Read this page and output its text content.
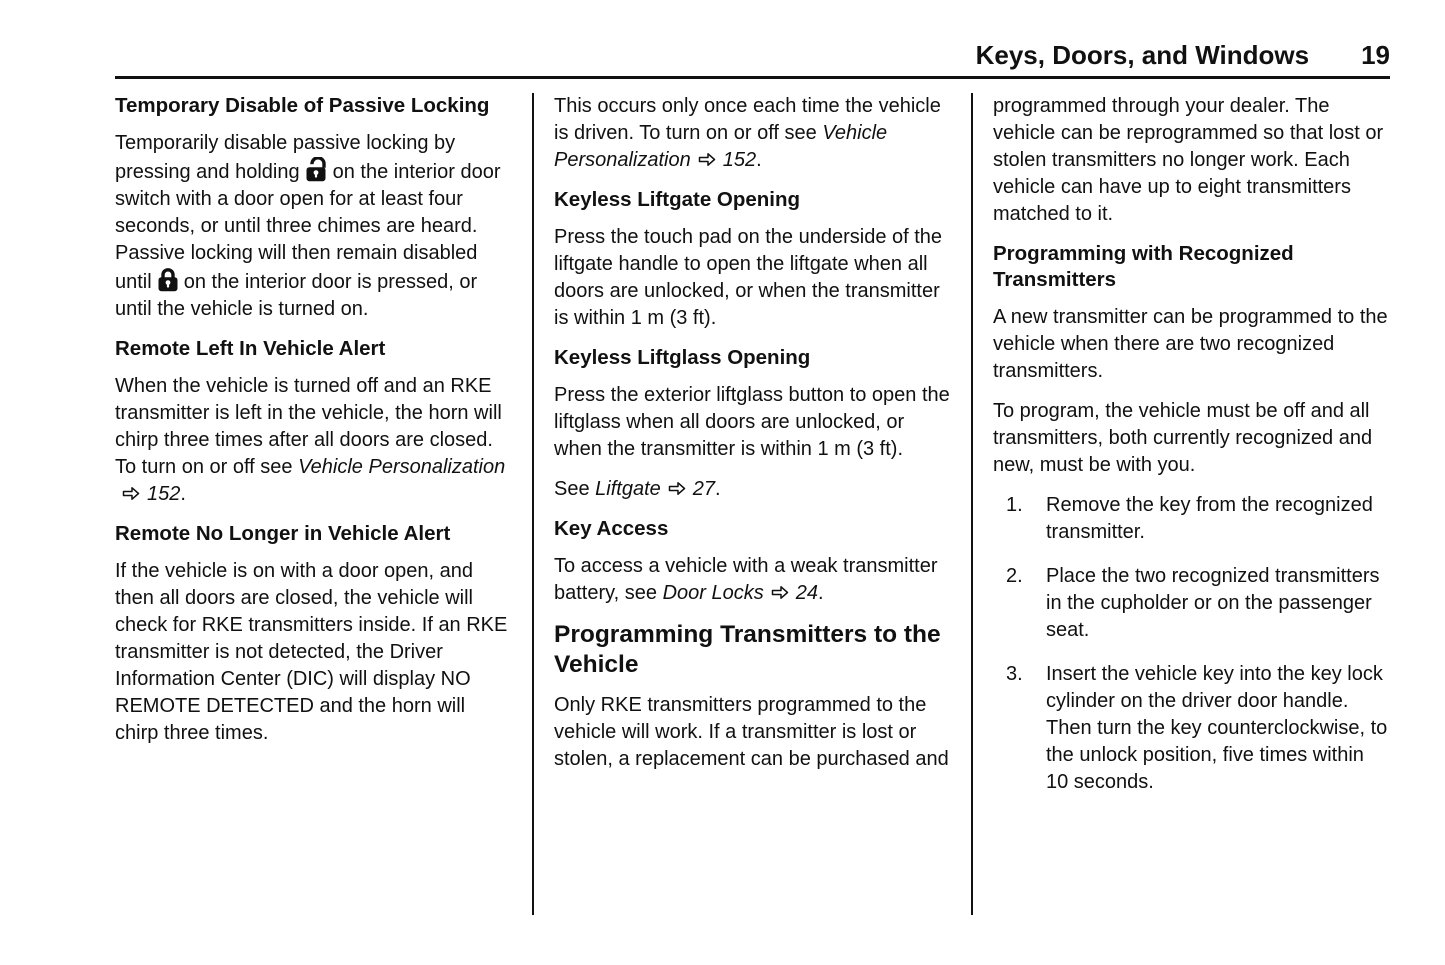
Keys, Doors, and Windows 19
Temporary Disable of Passive Locking

Temporarily disable passive locking by pressing and holding on the interior door switch with a door open for at least four seconds, or until three chimes are heard. Passive locking will then remain disabled until on the interior door is pressed, or until the vehicle is turned on.

Remote Left In Vehicle Alert

When the vehicle is turned off and an RKE transmitter is left in the vehicle, the horn will chirp three times after all doors are closed. To turn on or off see Vehicle Personalization
152.

Remote No Longer in Vehicle Alert

If the vehicle is on with a door open, and then all doors are closed, the vehicle will check for RKE transmitters inside. If an RKE transmitter is not detected, the Driver Information Center (DIC) will display NO REMOTE DETECTED and the horn will chirp three times.

This occurs only once each time the vehicle is driven. To turn on or off see Vehicle Personalization 152.

Keyless Liftgate Opening

Press the touch pad on the underside of the liftgate handle to open the liftgate when all doors are unlocked, or when the transmitter is within 1 m (3 ft).

Keyless Liftglass Opening

Press the exterior liftglass button to open the liftglass when all doors are unlocked, or when the transmitter is within 1 m (3 ft).

See Liftgate 27.

Key Access

To access a vehicle with a weak transmitter battery, see Door Locks 24.

Programming Transmitters to the Vehicle

Only RKE transmitters programmed to the vehicle will work. If a transmitter is lost or stolen, a replacement can be purchased and

programmed through your dealer. The vehicle can be reprogrammed so that lost or stolen transmitters no longer work. Each vehicle can have up to eight transmitters matched to it.

Programming with Recognized Transmitters

A new transmitter can be programmed to the vehicle when there are two recognized transmitters.

To program, the vehicle must be off and all transmitters, both currently recognized and new, must be with you.

1.	Remove the key from the recognized transmitter.
2.	Place the two recognized transmitters in the cupholder or on the passenger seat.
3.	Insert the vehicle key into the key lock cylinder on the driver door handle. Then turn the key counterclockwise, to the unlock position, five times within 10 seconds.
